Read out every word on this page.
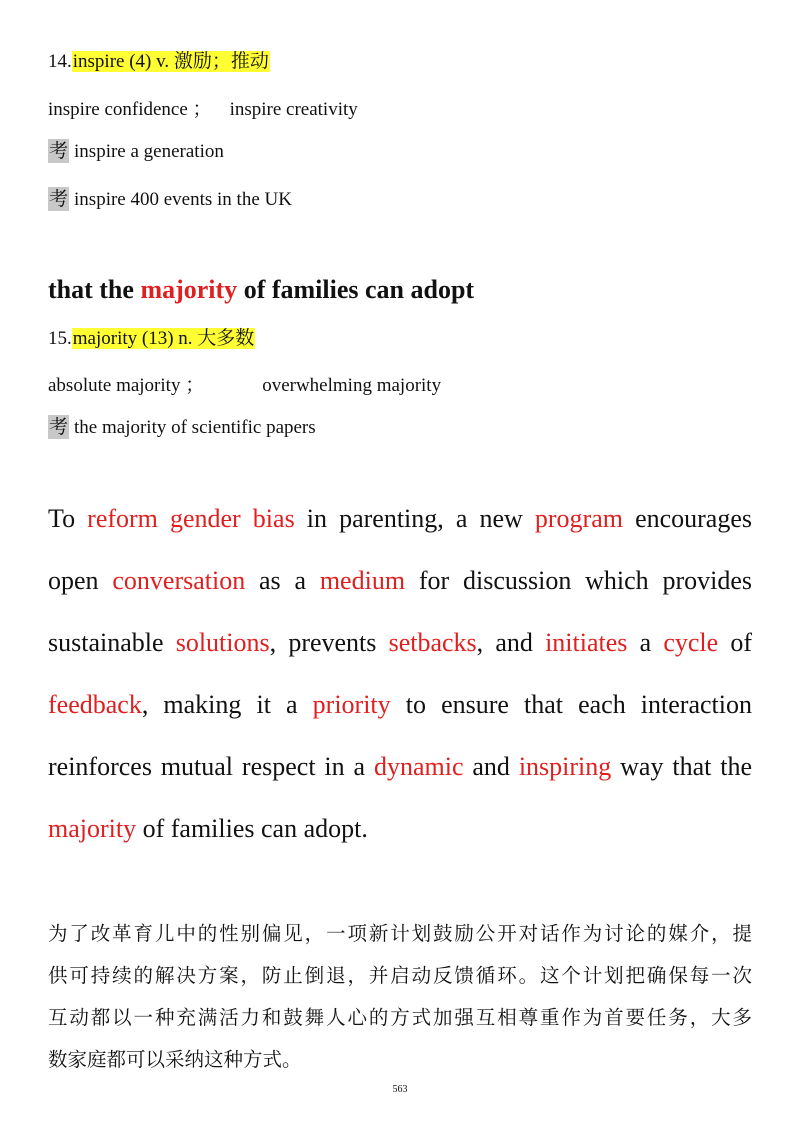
14.inspire (4) v. 激励；推动
inspire confidence ； inspire creativity
考 inspire a generation
考 inspire 400 events in the UK
that the majority of families can adopt
15.majority (13) n. 大多数
absolute majority ；	overwhelming majority
考 the majority of scientific papers
To reform gender bias in parenting, a new program encourages
open conversation as a medium for discussion which provides
sustainable solutions, prevents setbacks, and initiates a cycle of
feedback, making it a priority to ensure that each interaction
reinforces mutual respect in a dynamic and inspiring way that the
majority of families can adopt.
为了改革育儿中的性别偏见，一项新计划鼓励公开对话作为讨论的媒介，提
供可持续的解决方案，防止倒退，并启动反馈循环。这个计划把确保每一次
互动都以一种充满活力和鼓舞人心的方式加强互相尊重作为首要任务，大多
数家庭都可以采纳这种方式。
563
